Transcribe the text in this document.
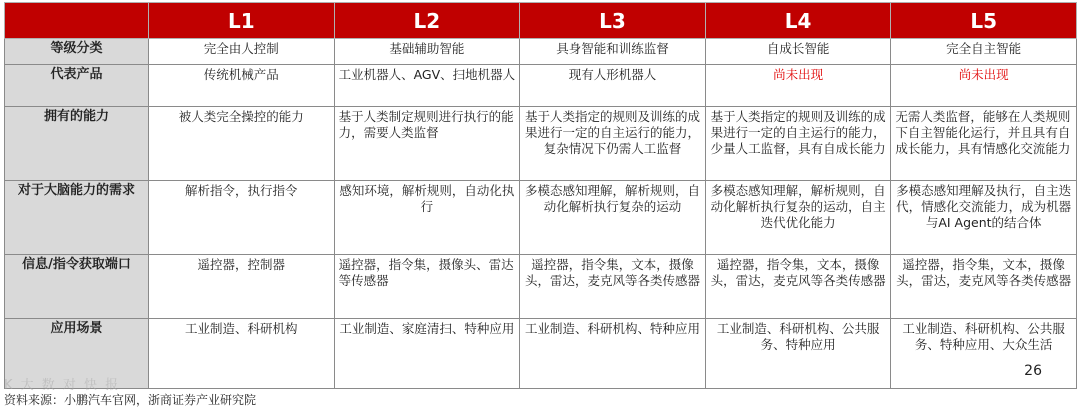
	L1	L2	L3	L4	L5
等级分类	完全由人控制	基础辅助智能	具身智能和训练监督	自成长智能	完全自主智能
代表产品	传统机械产品	工业机器人、AGV、扫地机器人	现有人形机器人	尚未出现	尚未出现
拥有的能力	被人类完全操控的能力	基于人类制定规则进行执行的能力，需要人类监督	基于人类指定的规则及训练的成果进行一定的自主运行的能力，复杂情况下仍需人工监督	基于人类指定的规则及训练的成果进行一定的自主运行的能力，少量人工监督，具有自成长能力	无需人类监督，能够在人类规则下自主智能化运行，并且具有自成长能力，具有情感化交流能力
对于大脑能力的需求	解析指令，执行指令	感知环境，解析规则，自动化执行	多模态感知理解，解析规则，自动化解析执行复杂的运动	多模态感知理解，解析规则，自动化解析执行复杂的运动，自主迭代优化能力	多模态感知理解及执行，自主迭代，情感化交流能力，成为机器与AI Agent的结合体
信息/指令获取端口	遥控器，控制器	遥控器，指令集，摄像头、雷达等传感器	遥控器，指令集，文本，摄像头，雷达，麦克风等各类传感器	遥控器，指令集，文本，摄像头，雷达，麦克风等各类传感器	遥控器，指令集，文本，摄像头，雷达，麦克风等各类传感器
应用场景	工业制造、科研机构	工业制造、家庭清扫、特种应用	工业制造、科研机构、特种应用	工业制造、科研机构、公共服务、特种应用	工业制造、科研机构、公共服务、特种应用、大众生活
K 大 数 对 快 报
26
资料来源：小鹏汽车官网，浙商证券产业研究院
